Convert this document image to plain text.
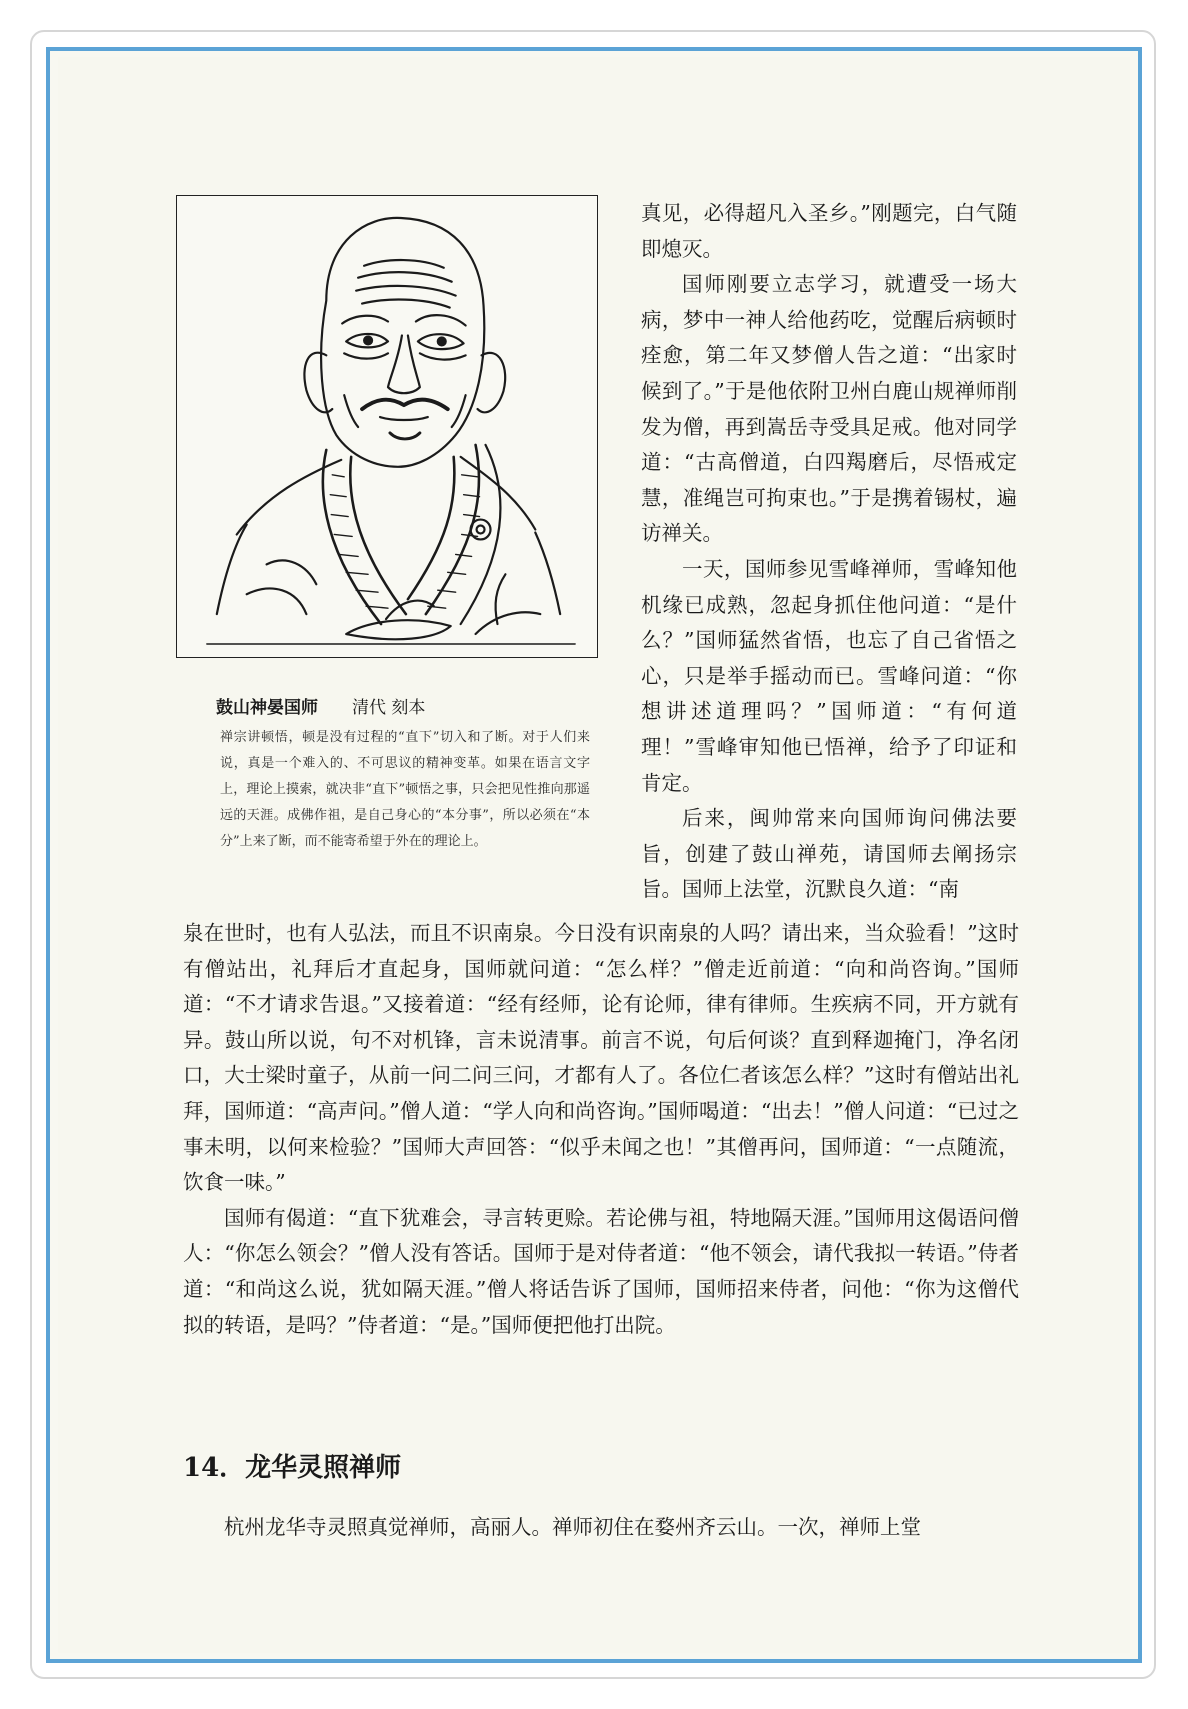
鼓山神晏国师 清代 刻本
禅宗讲顿悟，顿是没有过程的“直下”切入和了断。对于人们来说，真是一个难入的、不可思议的精神变革。如果在语言文字上，理论上摸索，就决非“直下”顿悟之事，只会把见性推向那遥远的天涯。成佛作祖，是自己身心的“本分事”，所以必须在“本分”上来了断，而不能寄希望于外在的理论上。

真见，必得超凡入圣乡。”刚题完，白气随即熄灭。

国师刚要立志学习，就遭受一场大病，梦中一神人给他药吃，觉醒后病顿时痊愈，第二年又梦僧人告之道：“出家时候到了。”于是他依附卫州白鹿山规禅师削发为僧，再到嵩岳寺受具足戒。他对同学道：“古高僧道，白四羯磨后，尽悟戒定慧，准绳岂可拘束也。”于是携着锡杖，遍访禅关。

一天，国师参见雪峰禅师，雪峰知他机缘已成熟，忽起身抓住他问道：“是什么？”国师猛然省悟，也忘了自己省悟之心，只是举手摇动而已。雪峰问道：“你想讲述道理吗？”国师道：“有何道理！”雪峰审知他已悟禅，给予了印证和肯定。

后来，闽帅常来向国师询问佛法要旨，创建了鼓山禅苑，请国师去阐扬宗旨。国师上法堂，沉默良久道：“南

泉在世时，也有人弘法，而且不识南泉。今日没有识南泉的人吗？请出来，当众验看！”这时有僧站出，礼拜后才直起身，国师就问道：“怎么样？”僧走近前道：“向和尚咨询。”国师道：“不才请求告退。”又接着道：“经有经师，论有论师，律有律师。生疾病不同，开方就有异。鼓山所以说，句不对机锋，言未说清事。前言不说，句后何谈？直到释迦掩门，净名闭口，大士梁时童子，从前一问二问三问，才都有人了。各位仁者该怎么样？”这时有僧站出礼拜，国师道：“高声问。”僧人道：“学人向和尚咨询。”国师喝道：“出去！”僧人问道：“已过之事未明，以何来检验？”国师大声回答：“似乎未闻之也！”其僧再问，国师道：“一点随流，饮食一味。”

国师有偈道：“直下犹难会，寻言转更赊。若论佛与祖，特地隔天涯。”国师用这偈语问僧人：“你怎么领会？”僧人没有答话。国师于是对侍者道：“他不领会，请代我拟一转语。”侍者道：“和尚这么说，犹如隔天涯。”僧人将话告诉了国师，国师招来侍者，问他：“你为这僧代拟的转语，是吗？”侍者道：“是。”国师便把他打出院。

14．龙华灵照禅师

杭州龙华寺灵照真觉禅师，高丽人。禅师初住在婺州齐云山。一次，禅师上堂
